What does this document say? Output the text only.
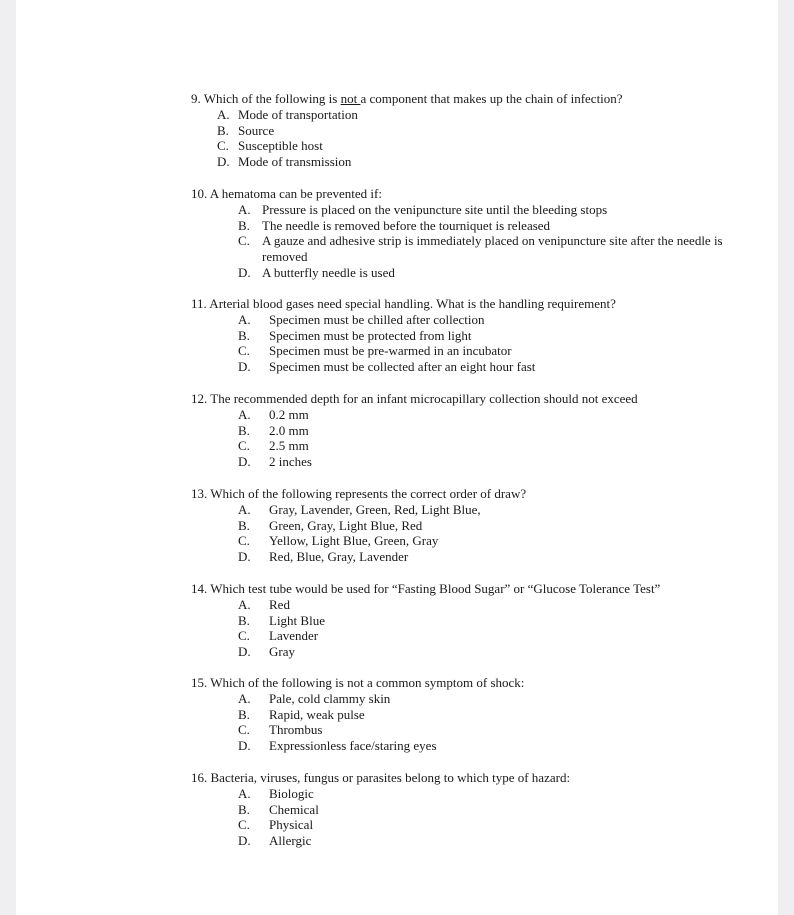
9. Which of the following is not a component that makes up the chain of infection?
A. Mode of transportation
B. Source
C. Susceptible host
D. Mode of transmission
10. A hematoma can be prevented if:
A. Pressure is placed on the venipuncture site until the bleeding stops
B. The needle is removed before the tourniquet is released
C. A gauze and adhesive strip is immediately placed on venipuncture site after the needle is removed
D. A butterfly needle is used
11. Arterial blood gases need special handling. What is the handling requirement?
A. Specimen must be chilled after collection
B. Specimen must be protected from light
C. Specimen must be pre-warmed in an incubator
D. Specimen must be collected after an eight hour fast
12. The recommended depth for an infant microcapillary collection should not exceed
A. 0.2 mm
B. 2.0 mm
C. 2.5 mm
D. 2 inches
13. Which of the following represents the correct order of draw?
A. Gray, Lavender, Green, Red, Light Blue,
B. Green, Gray, Light Blue, Red
C. Yellow, Light Blue, Green, Gray
D. Red, Blue, Gray, Lavender
14. Which test tube would be used for “Fasting Blood Sugar” or “Glucose Tolerance Test”
A. Red
B. Light Blue
C. Lavender
D. Gray
15. Which of the following is not a common symptom of shock:
A. Pale, cold clammy skin
B. Rapid, weak pulse
C. Thrombus
D. Expressionless face/staring eyes
16. Bacteria, viruses, fungus or parasites belong to which type of hazard:
A. Biologic
B. Chemical
C. Physical
D. Allergic
